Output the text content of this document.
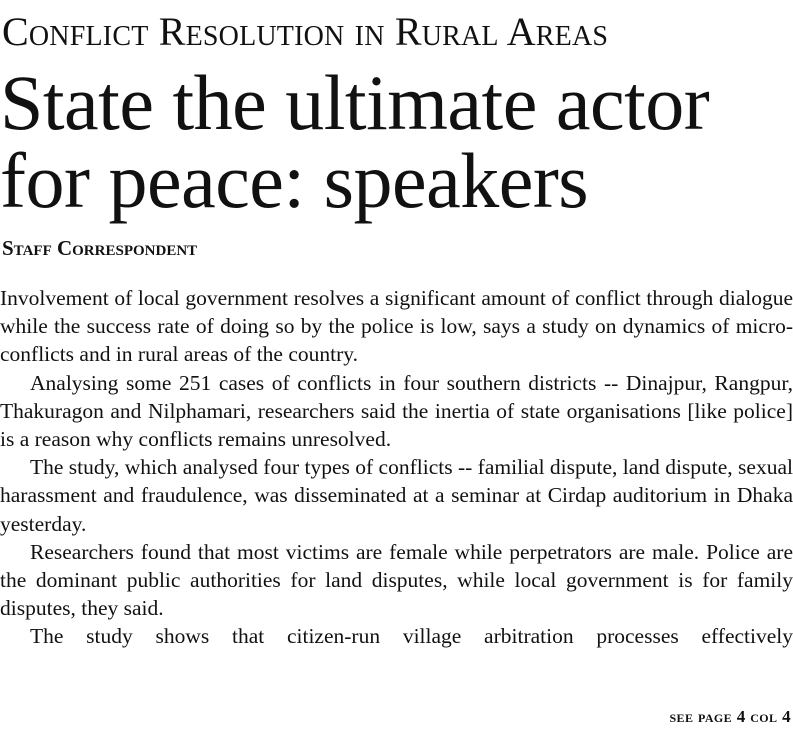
Conflict Resolution in Rural Areas
State the ultimate actor
for peace: speakers
Staff Correspondent

Involvement of local government resolves a significant amount of conflict through dialogue while the success rate of doing so by the police is low, says a study on dynamics of micro-conflicts and in rural areas of the country.

Analysing some 251 cases of conflicts in four southern districts -- Dinajpur, Rangpur, Thakuragon and Nilphamari, researchers said the inertia of state organisations [like police] is a reason why conflicts remains unresolved.

The study, which analysed four types of conflicts -- familial dispute, land dispute, sexual harassment and fraudulence, was disseminated at a seminar at Cirdap auditorium in Dhaka yesterday.

Researchers found that most victims are female while perpetrators are male. Police are the dominant public authorities for land disputes, while local government is for family disputes, they said.

The study shows that citizen-run village arbitration processes effectively

see page 4 col 4
